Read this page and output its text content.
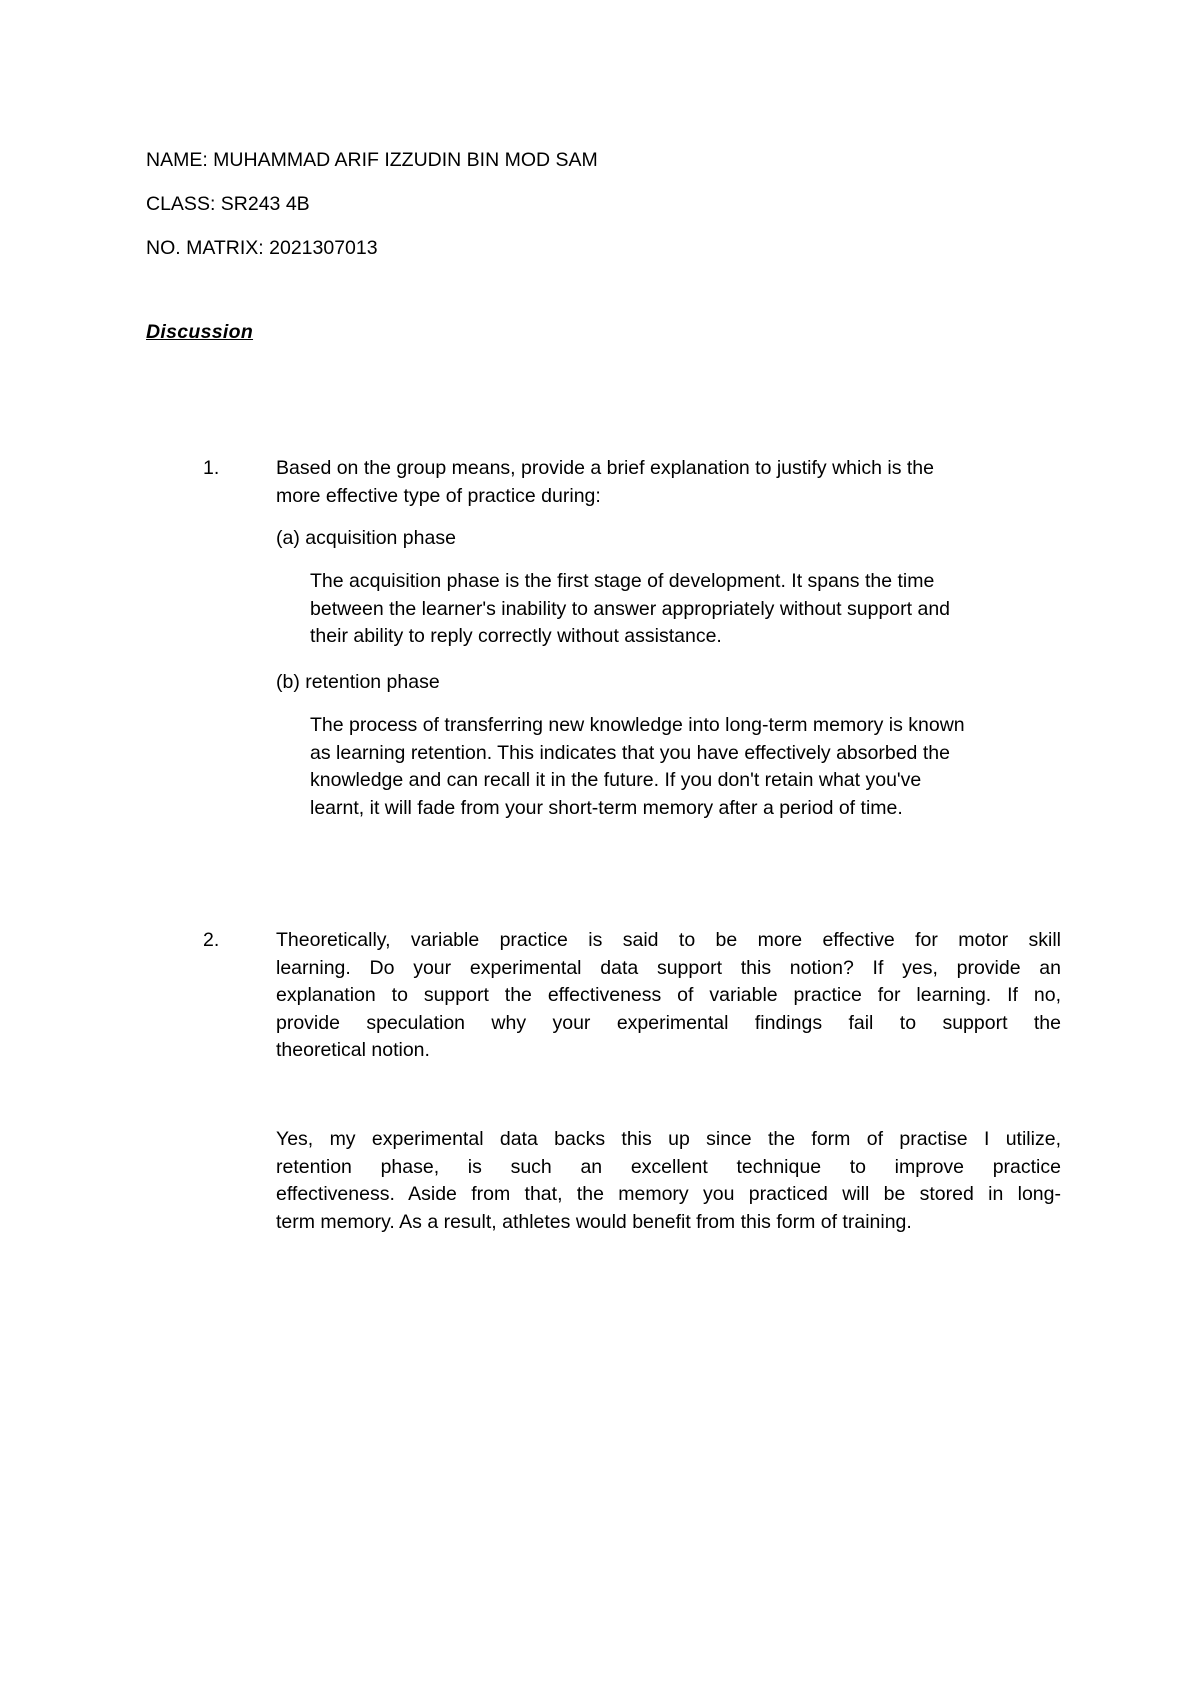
NAME: MUHAMMAD ARIF IZZUDIN BIN MOD SAM
CLASS: SR243 4B
NO. MATRIX: 2021307013
Discussion
1.	Based on the group means, provide a brief explanation to justify which is the
more effective type of practice during:
(a) acquisition phase
The acquisition phase is the first stage of development. It spans the time
between the learner's inability to answer appropriately without support and
their ability to reply correctly without assistance.
(b) retention phase
The process of transferring new knowledge into long-term memory is known
as learning retention. This indicates that you have effectively absorbed the
knowledge and can recall it in the future. If you don't retain what you've
learnt, it will fade from your short-term memory after a period of time.
2.	Theoretically, variable practice is said to be more effective for motor skill
learning. Do your experimental data support this notion? If yes, provide an
explanation to support the effectiveness of variable practice for learning. If no,
provide speculation why your experimental findings fail to support the
theoretical notion.
Yes, my experimental data backs this up since the form of practise I utilize,
retention phase, is such an excellent technique to improve practice
effectiveness. Aside from that, the memory you practiced will be stored in long-
term memory. As a result, athletes would benefit from this form of training.
